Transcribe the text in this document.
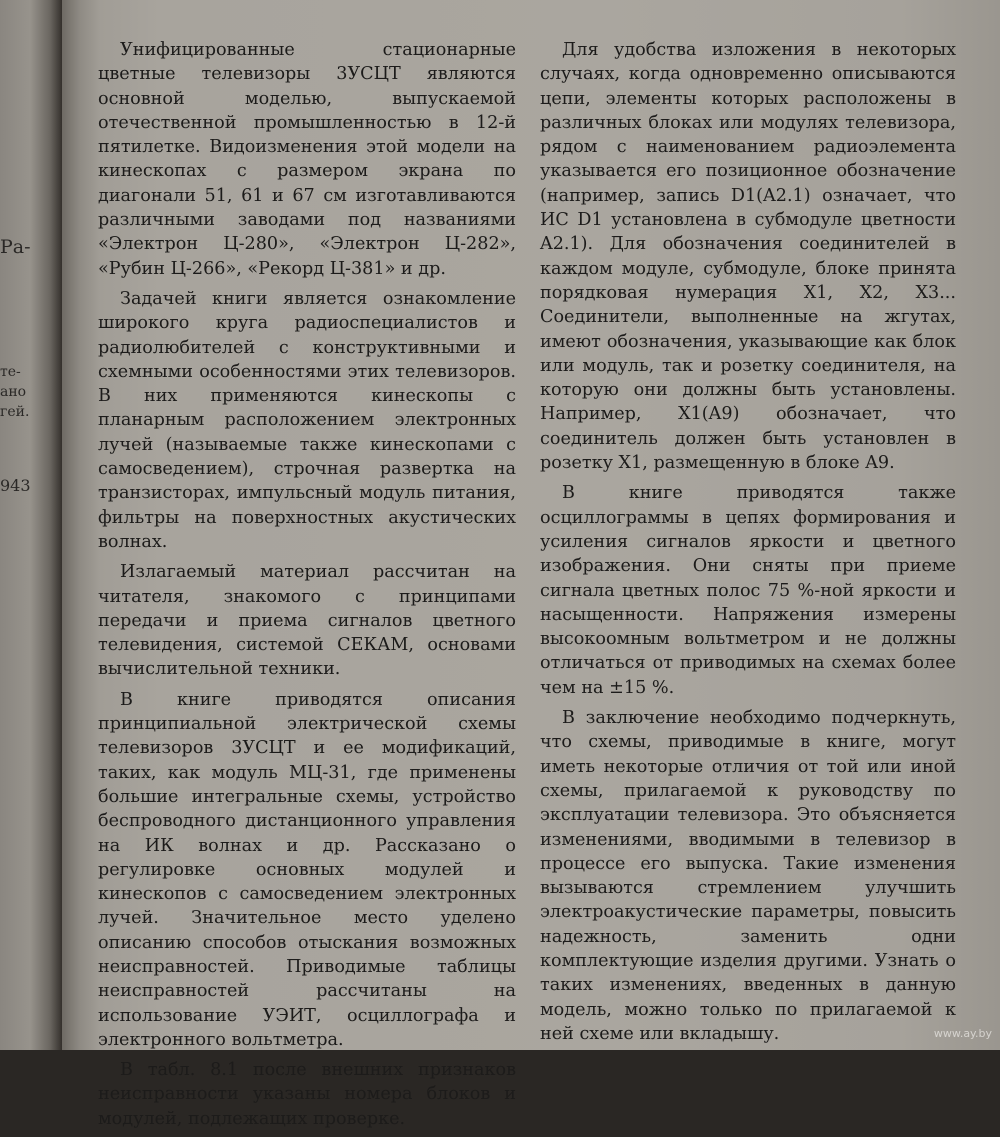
Ра-
те-
ано
гей.
943

Унифицированные стационарные цветные телевизоры 3УСЦТ являются основной моделью, выпускаемой отечественной промышленностью в 12-й пятилетке. Видоизменения этой модели на кинескопах с размером экрана по диагонали 51, 61 и 67 см изготавливаются различными заводами под названиями «Электрон Ц-280», «Электрон Ц-282», «Рубин Ц-266», «Рекорд Ц-381» и др.

Задачей книги является ознакомление широкого круга радиоспециалистов и радиолюбителей с конструктивными и схемными особенностями этих телевизоров. В них применяются кинескопы с планарным расположением электронных лучей (называемые также кинескопами с самосведением), строчная развертка на транзисторах, импульсный модуль питания, фильтры на поверхностных акустических волнах.

Излагаемый материал рассчитан на читателя, знакомого с принципами передачи и приема сигналов цветного телевидения, системой СЕКАМ, основами вычислительной техники.

В книге приводятся описания принципиальной электрической схемы телевизоров 3УСЦТ и ее модификаций, таких, как модуль МЦ-31, где применены большие интегральные схемы, устройство беспроводного дистанционного управления на ИК волнах и др. Рассказано о регулировке основных модулей и кинескопов с самосведением электронных лучей. Значительное место уделено описанию способов отыскания возможных неисправностей. Приводимые таблицы неисправностей рассчитаны на использование УЭИТ, осциллографа и электронного вольтметра.

В табл. 8.1 после внешних признаков неисправности указаны номера блоков и модулей, подлежащих проверке.

Для удобства изложения в некоторых случаях, когда одновременно описываются цепи, элементы которых расположены в различных блоках или модулях телевизора, рядом с наименованием радиоэлемента указывается его позиционное обозначение (например, запись D1(A2.1) означает, что ИС D1 установлена в субмодуле цветности A2.1). Для обозначения соединителей в каждом модуле, субмодуле, блоке принята порядковая нумерация X1, X2, X3... Соединители, выполненные на жгутах, имеют обозначения, указывающие как блок или модуль, так и розетку соединителя, на которую они должны быть установлены. Например, X1(A9) обозначает, что соединитель должен быть установлен в розетку X1, размещенную в блоке A9.

В книге приводятся также осциллограммы в цепях формирования и усиления сигналов яркости и цветного изображения. Они сняты при приеме сигнала цветных полос 75 %-ной яркости и насыщенности. Напряжения измерены высокоомным вольтметром и не должны отличаться от приводимых на схемах более чем на ±15 %.

В заключение необходимо подчеркнуть, что схемы, приводимые в книге, могут иметь некоторые отличия от той или иной схемы, прилагаемой к руководству по эксплуатации телевизора. Это объясняется изменениями, вводимыми в телевизор в процессе его выпуска. Такие изменения вызываются стремлением улучшить электроакустические параметры, повысить надежность, заменить одни комплектующие изделия другими. Узнать о таких изменениях, введенных в данную модель, можно только по прилагаемой к ней схеме или вкладышу.	www.ay.by
